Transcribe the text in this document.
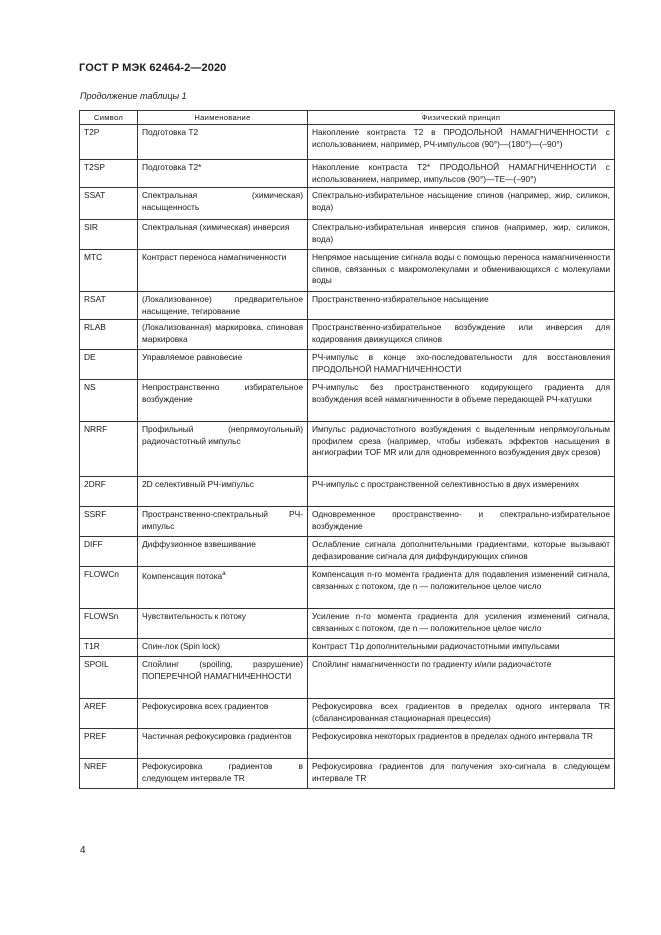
ГОСТ Р МЭК 62464-2—2020
Продолжение таблицы 1
Символ	Наименование	Физический принцип
T2P	Подготовка T2	Накопление контраста T2 в ПРОДОЛЬНОЙ НАМАГНИЧЕННОСТИ с использованием, например, РЧ-импульсов (90°)—(180°)—(–90°)
T2SP	Подготовка T2*	Накопление контраста T2* ПРОДОЛЬНОЙ НАМАГНИЧЕННОСТИ с использованием, например, импульсов (90°)—TE—(–90°)
SSAT	Спектральная (химическая) насыщенность	Спектрально-избирательное насыщение спинов (например, жир, силикон, вода)
SIR	Спектральная (химическая) инверсия	Спектрально-избирательная инверсия спинов (например, жир, силикон, вода)
MTC	Контраст переноса намагниченности	Непрямое насыщение сигнала воды с помощью переноса намагниченности спинов, связанных с макромолекулами и обменивающихся с молекулами воды
RSAT	(Локализованное) предварительное насыщение, тегирование	Пространственно-избирательное насыщение
RLAB	(Локализованная) маркировка, спиновая маркировка	Пространственно-избирательное возбуждение или инверсия для кодирования движущихся спинов
DE	Управляемое равновесие	РЧ-импульс в конце эхо-последовательности для восстановления ПРОДОЛЬНОЙ НАМАГНИЧЕННОСТИ
NS	Непространственно избирательное возбуждение	РЧ-импульс без пространственного кодирующего градиента для возбуждения всей намагниченности в объеме передающей РЧ-катушки
NRRF	Профильный (непрямоугольный) радиочастотный импульс	Импульс радиочастотного возбуждения с выделенным непрямоугольным профилем среза (например, чтобы избежать эффектов насыщения в ангиографии TOF MR или для одновременного возбуждения двух срезов)
2DRF	2D селективный РЧ-импульс	РЧ-импульс с пространственной селективностью в двух измерениях
SSRF	Пространственно-спектральный РЧ-импульс	Одновременное пространственно- и спектрально-избирательное возбуждение
DIFF	Диффузионное взвешивание	Ослабление сигнала дополнительными градиентами, которые вызывают дефазирование сигнала для диффундирующих спинов
FLOWCn	Компенсация потока$^a$	Компенсация n-го момента градиента для подавления изменений сигнала, связанных с потоком, где n — положительное целое число
FLOWSn	Чувствительность к потоку	Усиление n-го момента градиента для усиления изменений сигнала, связанных с потоком, где n — положительное целое число
T1R	Спин-лок (Spin lock)	Контраст T1ρ дополнительными радиочастотными импульсами
SPOIL	Спойлинг (spoiling, разрушение) ПОПЕРЕЧНОЙ НАМАГНИЧЕННОСТИ	Спойлинг намагниченности по градиенту и/или радиочастоте
AREF	Рефокусировка всех градиентов	Рефокусировка всех градиентов в пределах одного интервала TR (сбалансированная стационарная прецессия)
PREF	Частичная рефокусировка градиентов	Рефокусировка некоторых градиентов в пределах одного интервала TR
NREF	Рефокусировка градиентов в следующем интервале TR	Рефокусировка градиентов для получения эхо-сигнала в следующем интервале TR
4
